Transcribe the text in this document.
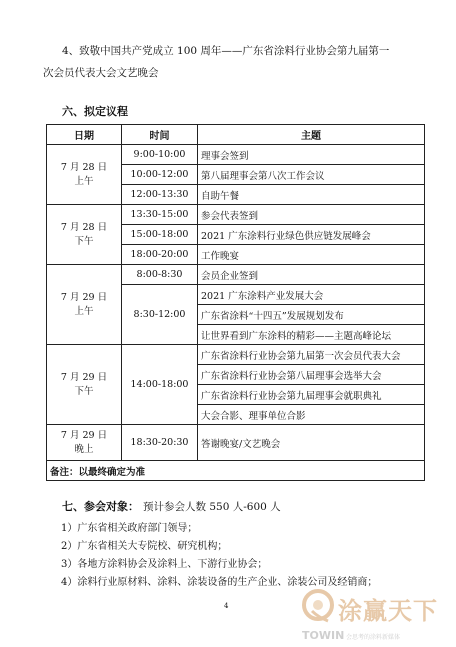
4、致敬中国共产党成立 100 周年——广东省涂料行业协会第九届第一
次会员代表大会文艺晚会
六、拟定议程
日期	时间	主题

7 月 28 日
上午	9:00-10:00	理事会签到
	10:00-12:00	第八届理事会第八次工作会议
	12:00-13:30	自助午餐

7 月 28 日
下午	13:30-15:00	参会代表签到
	15:00-18:00	2021 广东涂料行业绿色供应链发展峰会
	18:00-20:00	工作晚宴

7 月 29 日
上午	8:00-8:30	会员企业签到
	8:30-12:00	2021 广东涂料产业发展大会
		广东省涂料“十四五”发展规划发布
		让世界看到广东涂料的精彩——主题高峰论坛

7 月 29 日
下午	14:00-18:00	广东省涂料行业协会第九届第一次会员代表大会
		广东省涂料行业协会第八届理事会选举大会
		广东省涂料行业协会第九届理事会就职典礼
		大会合影、理事单位合影

7 月 29 日
晚上	18:30-20:30	答谢晚宴/文艺晚会
备注：以最终确定为准		
七、参会对象： 预计参会人数 550 人-600 人
1）广东省相关政府部门领导；
2）广东省相关大专院校、研究机构；
3）各地方涂料协会及涂料上、下游行业协会；
4）涂料行业原材料、涂料、涂装设备的生产企业、涂装公司及经销商；
4	涂赢天下
TOWIN 会思考的涂料新媒体
